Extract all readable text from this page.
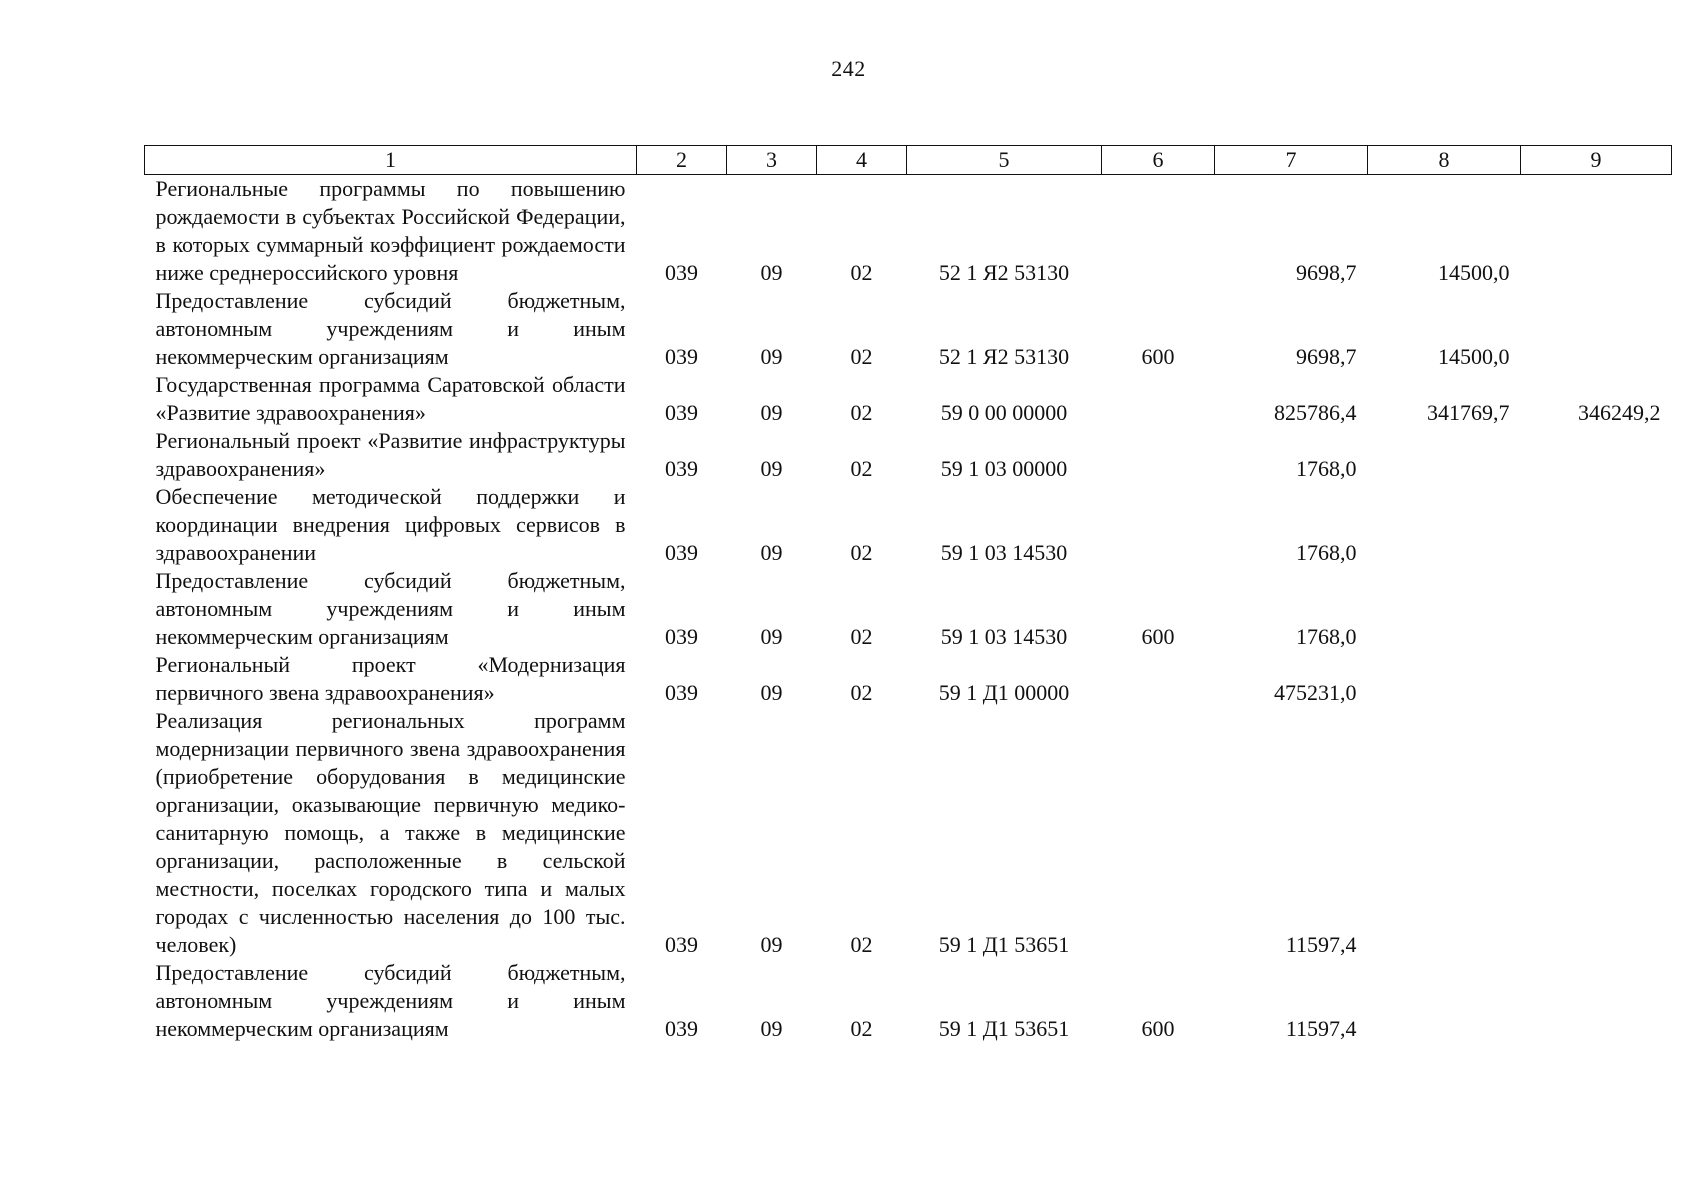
242
1	2	3	4	5	6	7	8	9
Региональные программы по повышению рождаемости в субъектах Российской Федерации, в которых суммарный коэффициент рождаемости ниже среднероссийского уровня	039	09	02	52 1 Я2 53130		9698,7	14500,0	
Предоставление субсидий бюджетным, автономным учреждениям и иным некоммерческим организациям	039	09	02	52 1 Я2 53130	600	9698,7	14500,0	
Государственная программа Саратовской области «Развитие здравоохранения»	039	09	02	59 0 00 00000		825786,4	341769,7	346249,2
Региональный проект «Развитие инфраструктуры здравоохранения»	039	09	02	59 1 03 00000		1768,0		
Обеспечение методической поддержки и координации внедрения цифровых сервисов в здравоохранении	039	09	02	59 1 03 14530		1768,0		
Предоставление субсидий бюджетным, автономным учреждениям и иным некоммерческим организациям	039	09	02	59 1 03 14530	600	1768,0		
Региональный проект «Модернизация первичного звена здравоохранения»	039	09	02	59 1 Д1 00000		475231,0		
Реализация региональных программ модернизации первичного звена здравоохранения (приобретение оборудования в медицинские организации, оказывающие первичную медико-санитарную помощь, а также в медицинские организации, расположенные в сельской местности, поселках городского типа и малых городах с численностью населения до 100 тыс. человек)	039	09	02	59 1 Д1 53651		11597,4		
Предоставление субсидий бюджетным, автономным учреждениям и иным некоммерческим организациям	039	09	02	59 1 Д1 53651	600	11597,4		
